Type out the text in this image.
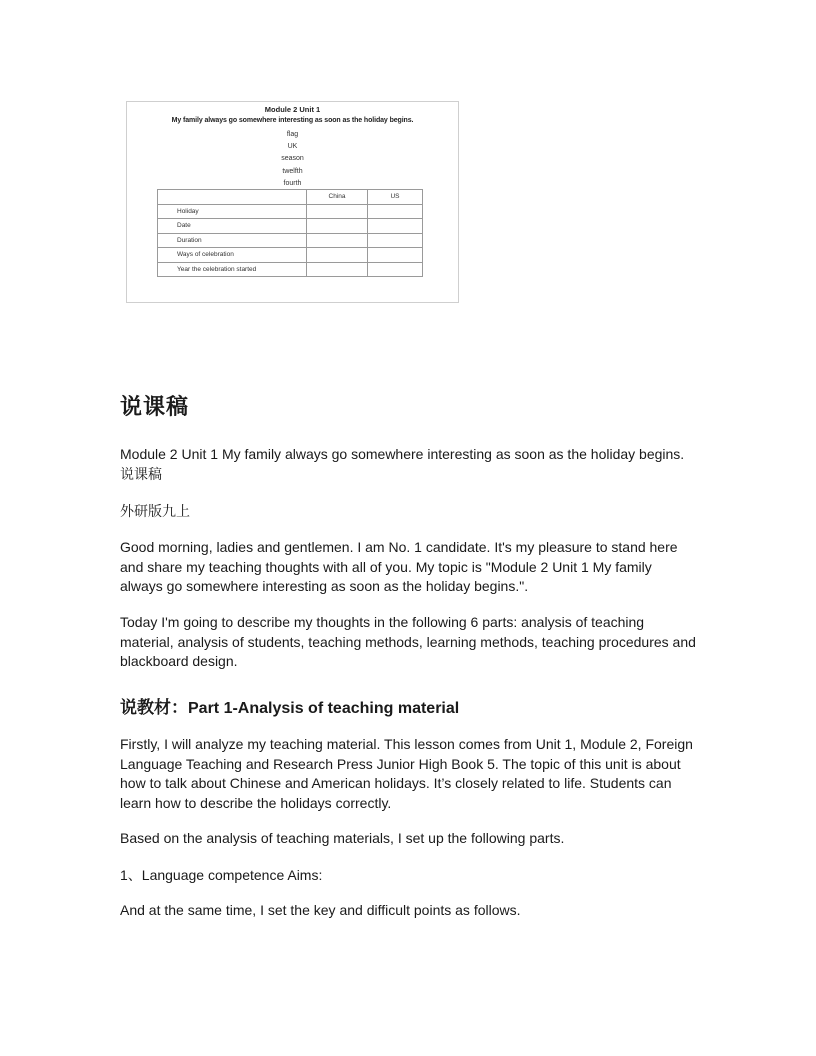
Module 2 Unit 1
My family always go somewhere interesting as soon as the holiday begins.
flag
UK
season
twelfth
fourth
	China	US
Holiday		
Date		
Duration		
Ways of celebration		
Year the celebration started		
说课稿
Module 2 Unit 1 My family always go somewhere interesting as soon as the holiday begins. 说课稿
外研版九上
Good morning, ladies and gentlemen. I am No. 1 candidate. It's my pleasure to stand here and share my teaching thoughts with all of you. My topic is "Module 2 Unit 1 My family always go somewhere interesting as soon as the holiday begins.".
Today I'm going to describe my thoughts in the following 6 parts: analysis of teaching material, analysis of students, teaching methods, learning methods, teaching procedures and blackboard design.
说教材：Part 1-Analysis of teaching material
Firstly, I will analyze my teaching material. This lesson comes from Unit 1, Module 2, Foreign Language Teaching and Research Press Junior High Book 5. The topic of this unit is about how to talk about Chinese and American holidays. It’s closely related to life. Students can learn how to describe the holidays correctly.
Based on the analysis of teaching materials, I set up the following parts.
1、Language competence Aims:
And at the same time, I set the key and difficult points as follows.
